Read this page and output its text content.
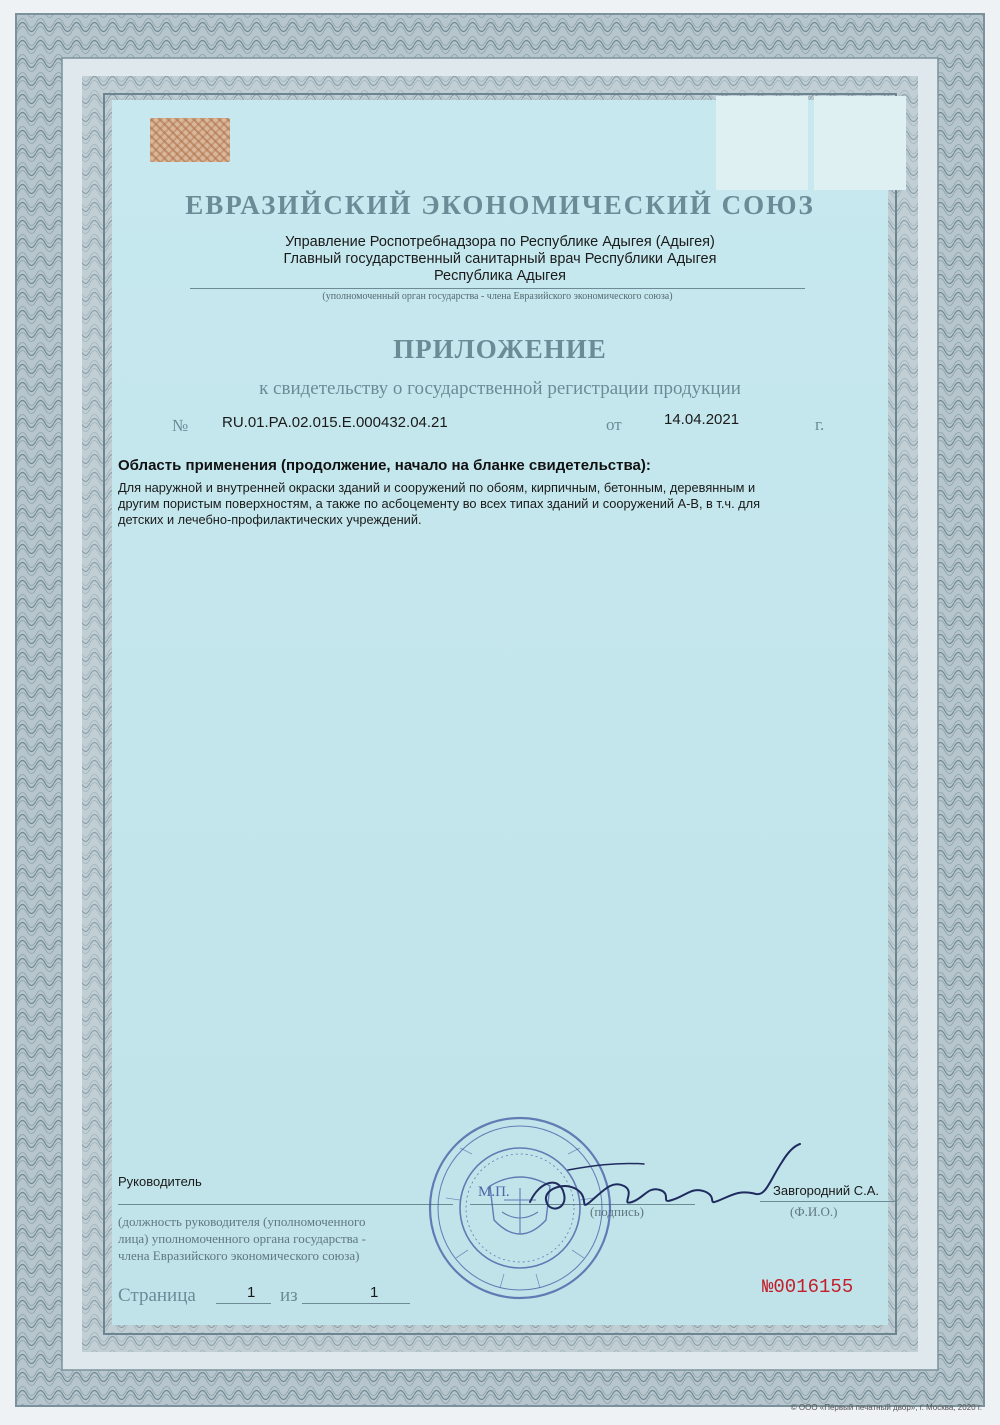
ЕВРАЗИЙСКИЙ ЭКОНОМИЧЕСКИЙ СОЮЗ
Управление Роспотребнадзора по Республике Адыгея (Адыгея)
Главный государственный санитарный врач Республики Адыгея
Республика Адыгея
(уполномоченный орган государства - члена Евразийского экономического союза)
ПРИЛОЖЕНИЕ
к свидетельству о государственной регистрации продукции
№ RU.01.PA.02.015.E.000432.04.21	от	14.04.2021	г.
Область применения (продолжение, начало на бланке свидетельства):
Для наружной и внутренней окраски зданий и сооружений по обоям, кирпичным, бетонным, деревянным и другим пористым поверхностям, а также по асбоцементу во всех типах зданий и сооружений А-В, в т.ч. для детских и лечебно-профилактических учреждений.
Руководитель
(должность руководителя (уполномоченного
лица) уполномоченного органа государства -
члена Евразийского экономического союза)
(подпись)
Завгородний С.А.
(Ф.И.О.)
Страница	1 из	1	№0016155
М.П.
© ООО «Первый печатный двор», г. Москва, 2020 г.
